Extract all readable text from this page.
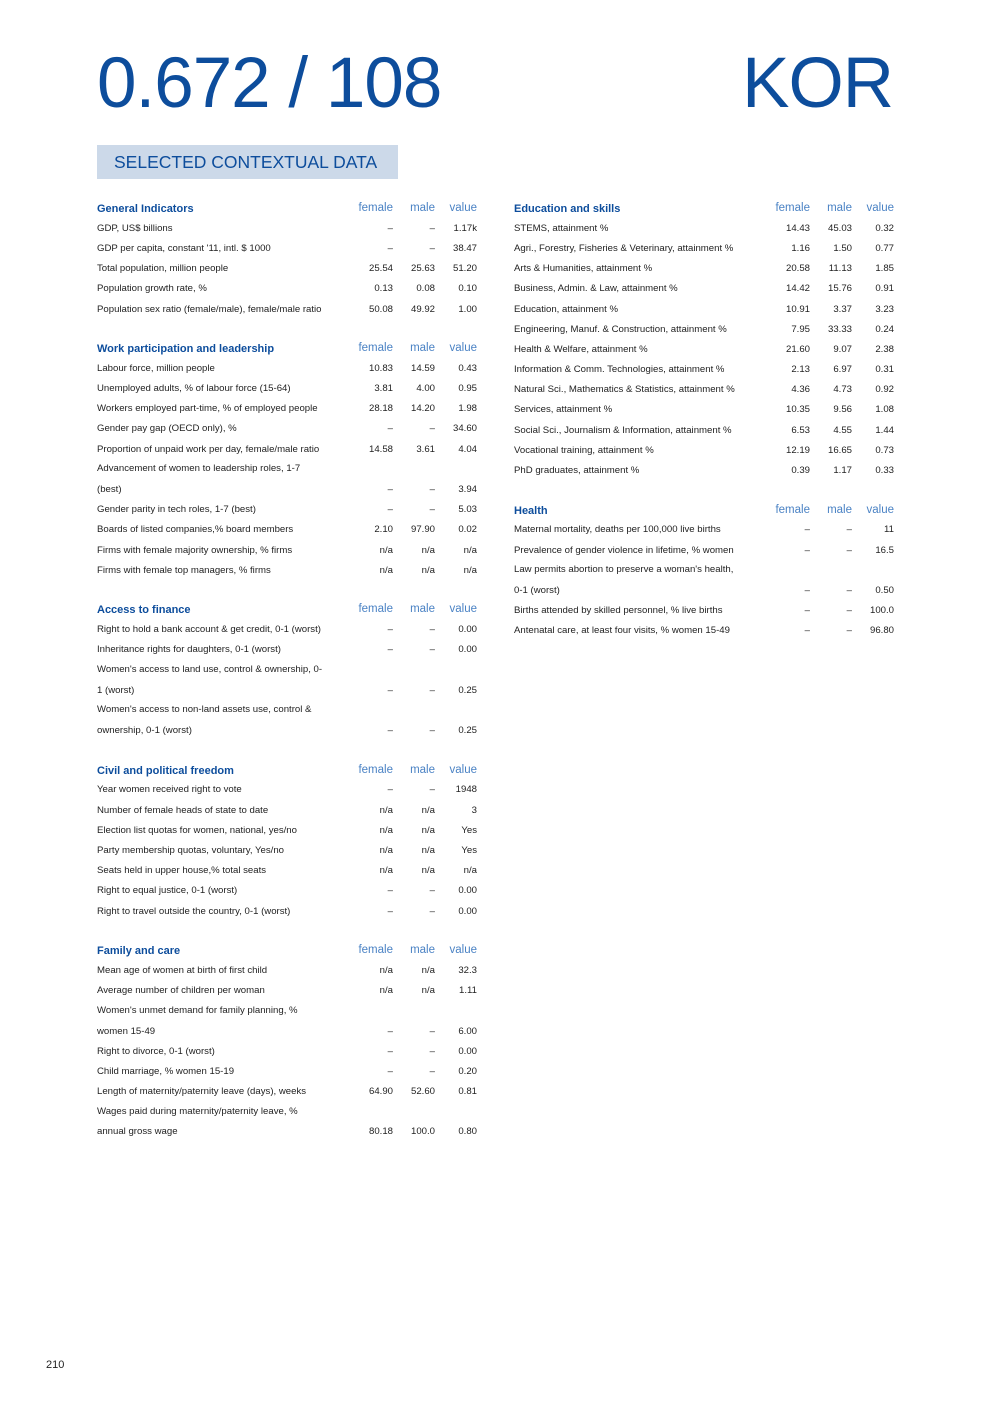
0.672 / 108	KOR
SELECTED CONTEXTUAL DATA
General Indicators	female	male	value
GDP, US$ billions	–	–	1.17k
GDP per capita, constant '11, intl. $ 1000	–	–	38.47
Total population, million people	25.54	25.63	51.20
Population growth rate, %	0.13	0.08	0.10
Population sex ratio (female/male), female/male ratio	50.08	49.92	1.00
Work participation and leadership	female	male	value
Labour force, million people	10.83	14.59	0.43
Unemployed adults, % of labour force (15-64)	3.81	4.00	0.95
Workers employed part-time, % of employed people	28.18	14.20	1.98
Gender pay gap (OECD only), %	–	–	34.60
Proportion of unpaid work per day, female/male ratio	14.58	3.61	4.04
Advancement of women to leadership roles, 1-7
(best)	–	–	3.94
Gender parity in tech roles, 1-7 (best)	–	–	5.03
Boards of listed companies,% board members	2.10	97.90	0.02
Firms with female majority ownership, % firms	n/a	n/a	n/a
Firms with female top managers, % firms	n/a	n/a	n/a
Access to finance	female	male	value
Right to hold a bank account & get credit, 0-1 (worst)	–	–	0.00
Inheritance rights for daughters, 0-1 (worst)	–	–	0.00
Women's access to land use, control & ownership, 0-
1 (worst)	–	–	0.25
Women's access to non-land assets use, control &
ownership, 0-1 (worst)	–	–	0.25
Civil and political freedom	female	male	value
Year women received right to vote	–	–	1948
Number of female heads of state to date	n/a	n/a	3
Election list quotas for women, national, yes/no	n/a	n/a	Yes
Party membership quotas, voluntary, Yes/no	n/a	n/a	Yes
Seats held in upper house,% total seats	n/a	n/a	n/a
Right to equal justice, 0-1 (worst)	–	–	0.00
Right to travel outside the country, 0-1 (worst)	–	–	0.00
Family and care	female	male	value
Mean age of women at birth of first child	n/a	n/a	32.3
Average number of children per woman	n/a	n/a	1.11
Women's unmet demand for family planning, %
women 15-49	–	–	6.00
Right to divorce, 0-1 (worst)	–	–	0.00
Child marriage, % women 15-19	–	–	0.20
Length of maternity/paternity leave (days), weeks	64.90	52.60	0.81
Wages paid during maternity/paternity leave, %
annual gross wage	80.18	100.0	0.80
Education and skills	female	male	value
STEMS, attainment %	14.43	45.03	0.32
Agri., Forestry, Fisheries & Veterinary, attainment %	1.16	1.50	0.77
Arts & Humanities, attainment %	20.58	11.13	1.85
Business, Admin. & Law, attainment %	14.42	15.76	0.91
Education, attainment %	10.91	3.37	3.23
Engineering, Manuf. & Construction, attainment %	7.95	33.33	0.24
Health & Welfare, attainment %	21.60	9.07	2.38
Information & Comm. Technologies, attainment %	2.13	6.97	0.31
Natural Sci., Mathematics & Statistics, attainment %	4.36	4.73	0.92
Services, attainment %	10.35	9.56	1.08
Social Sci., Journalism & Information, attainment %	6.53	4.55	1.44
Vocational training, attainment %	12.19	16.65	0.73
PhD graduates, attainment %	0.39	1.17	0.33
Health	female	male	value
Maternal mortality, deaths per 100,000 live births	–	–	11
Prevalence of gender violence in lifetime, % women	–	–	16.5
Law permits abortion to preserve a woman's health,
0-1 (worst)	–	–	0.50
Births attended by skilled personnel, % live births	–	–	100.0
Antenatal care, at least four visits, % women 15-49	–	–	96.80
210
